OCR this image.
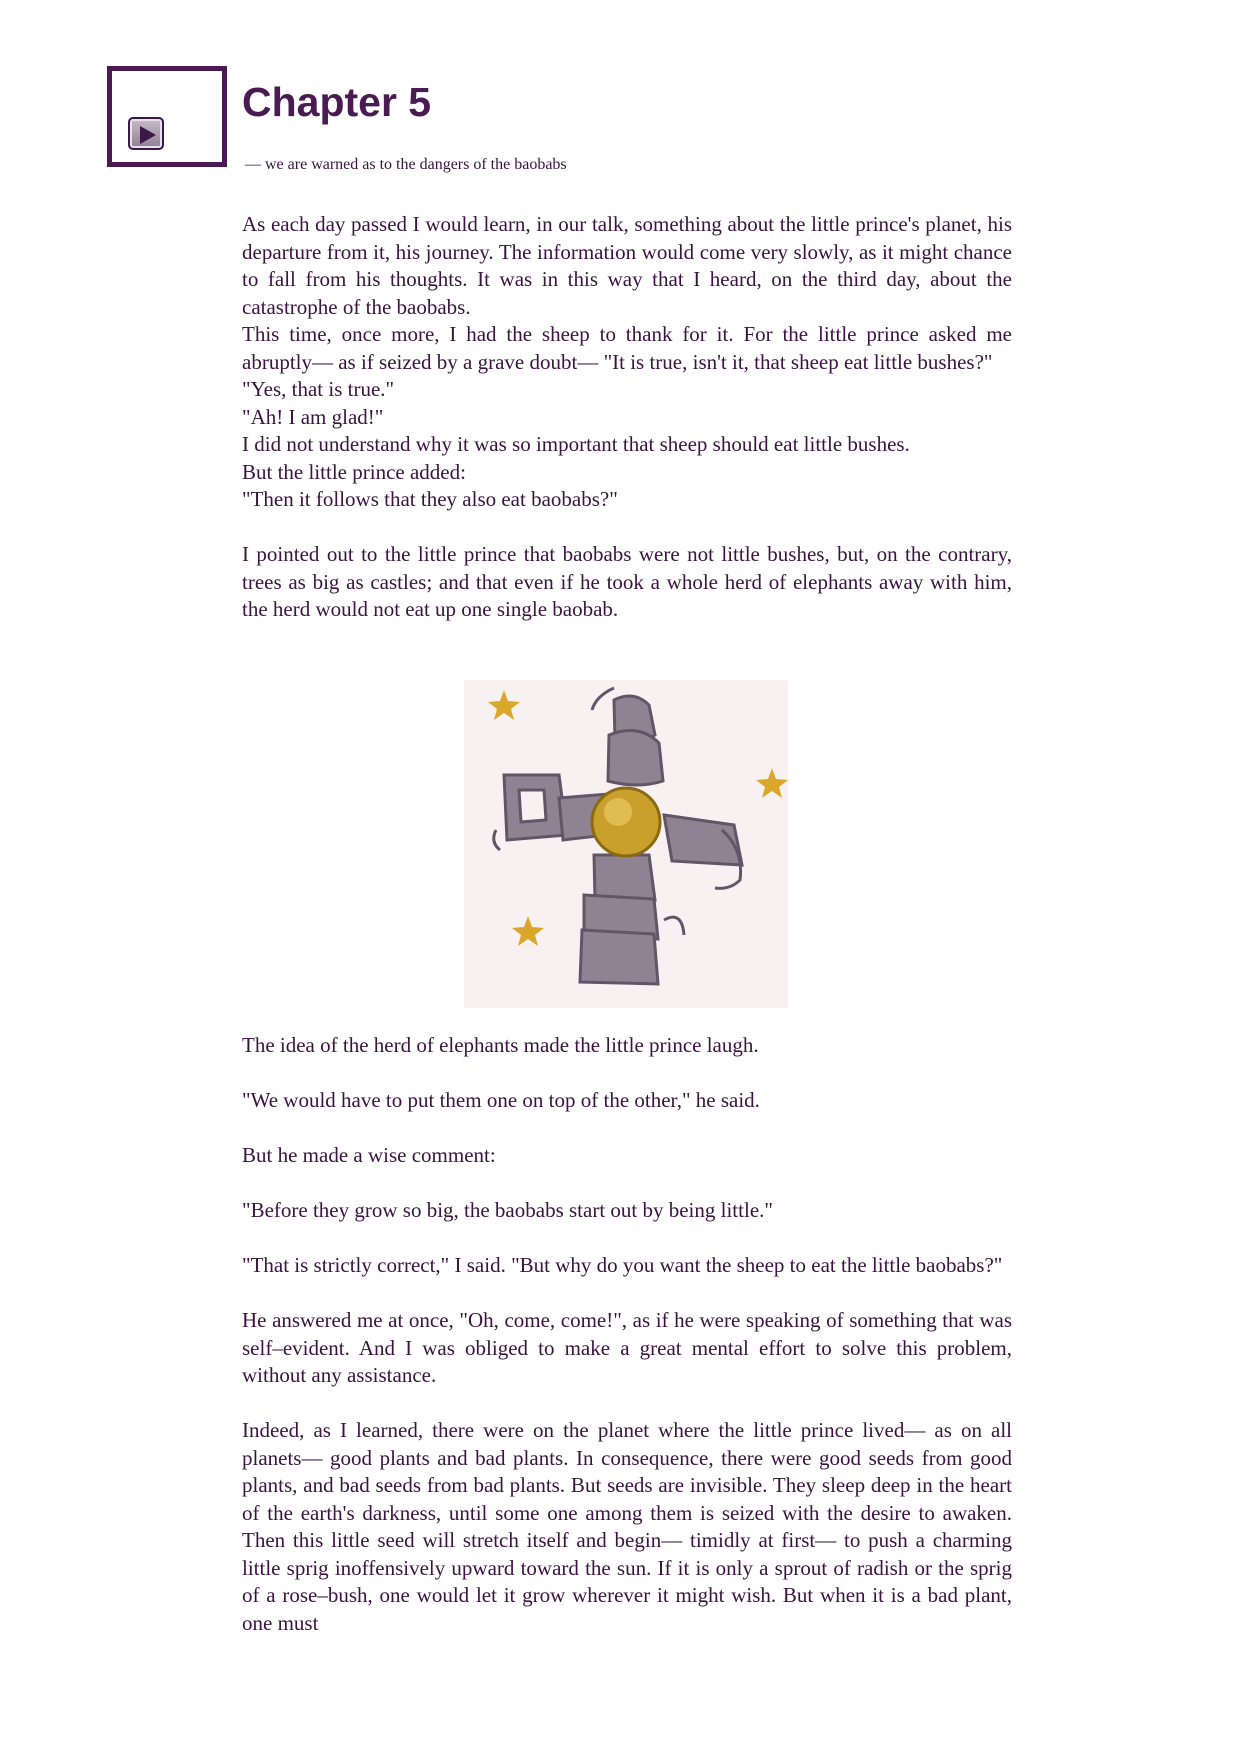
Chapter 5
— we are warned as to the dangers of the baobabs

As each day passed I would learn, in our talk, something about the little prince's planet, his departure from it, his journey. The information would come very slowly, as it might chance to fall from his thoughts. It was in this way that I heard, on the third day, about the catastrophe of the baobabs.

This time, once more, I had the sheep to thank for it. For the little prince asked me abruptly–– as if seized by a grave doubt–– "It is true, isn't it, that sheep eat little bushes?"

"Yes, that is true."

"Ah! I am glad!"

I did not understand why it was so important that sheep should eat little bushes.

But the little prince added:

"Then it follows that they also eat baobabs?"

I pointed out to the little prince that baobabs were not little bushes, but, on the contrary, trees as big as castles; and that even if he took a whole herd of elephants away with him, the herd would not eat up one single baobab.

The idea of the herd of elephants made the little prince laugh.

"We would have to put them one on top of the other," he said.

But he made a wise comment:

"Before they grow so big, the baobabs start out by being little."

"That is strictly correct," I said. "But why do you want the sheep to eat the little baobabs?"

He answered me at once, "Oh, come, come!", as if he were speaking of something that was self–evident. And I was obliged to make a great mental effort to solve this problem, without any assistance.

Indeed, as I learned, there were on the planet where the little prince lived–– as on all planets–– good plants and bad plants. In consequence, there were good seeds from good plants, and bad seeds from bad plants. But seeds are invisible. They sleep deep in the heart of the earth's darkness, until some one among them is seized with the desire to awaken. Then this little seed will stretch itself and begin–– timidly at first–– to push a charming little sprig inoffensively upward toward the sun. If it is only a sprout of radish or the sprig of a rose–bush, one would let it grow wherever it might wish. But when it is a bad plant, one must
